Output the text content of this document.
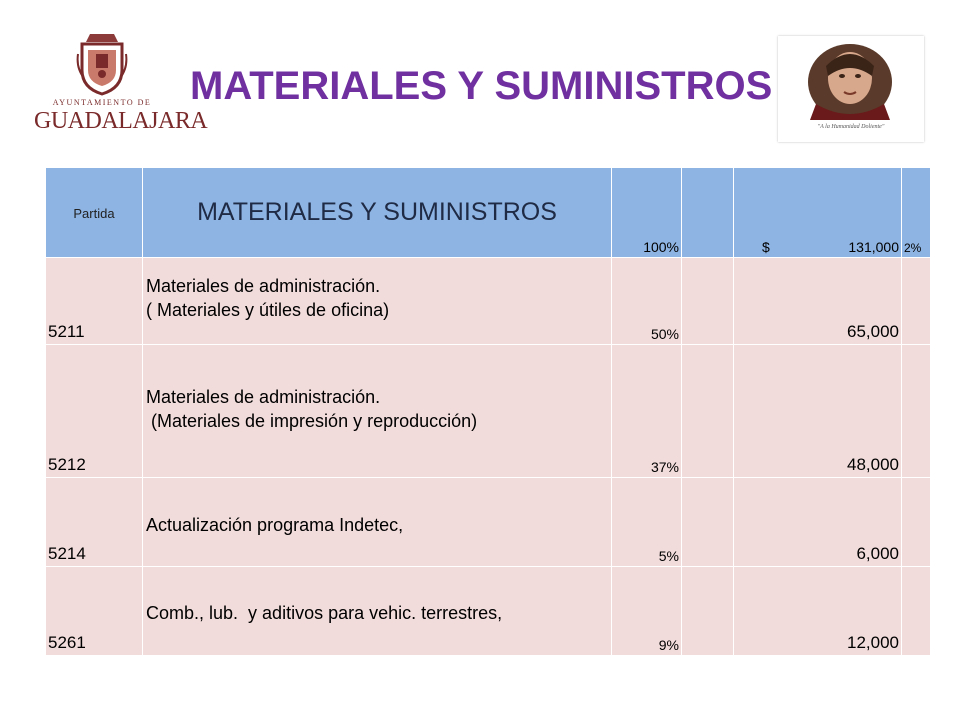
AYUNTAMIENTO DE
GUADALAJARA
MATERIALES Y SUMINISTROS
"A la Humanidad Doliente"
Partida	MATERIALES Y SUMINISTROS	100%		$ 131,000	2%

5211	Materiales de administración.
( Materiales y útiles de oficina)	50%		65,000	

5212	Materiales de administración.
(Materiales de impresión y reproducción)	37%		48,000	

5214	Actualización programa Indetec,	5%		6,000	

5261	Comb., lub.  y aditivos para vehic. terrestres,	9%		12,000	
